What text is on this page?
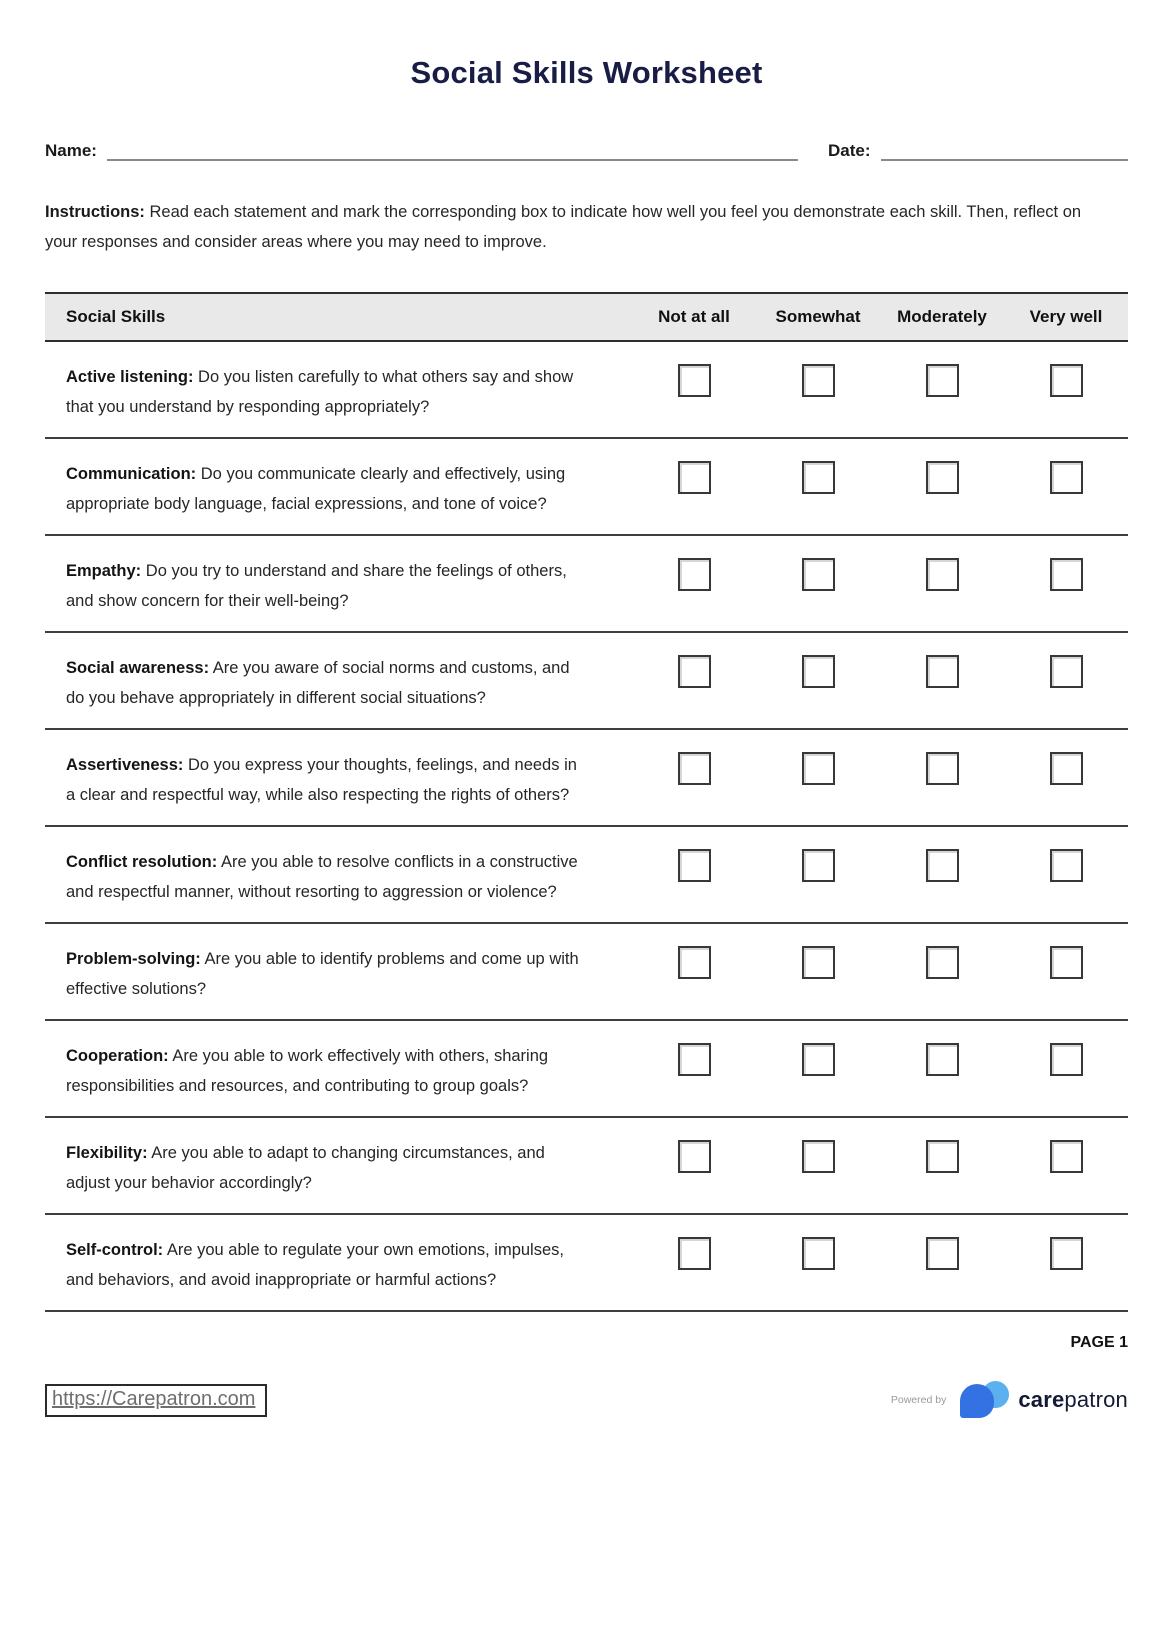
Social Skills Worksheet
Name:	Date:

Instructions: Read each statement and mark the corresponding box to indicate how well you feel you demonstrate each skill. Then, reflect on your responses and consider areas where you may need to improve.

Social Skills	Not at all	Somewhat	Moderately	Very well

Active listening: Do you listen carefully to what others say and show that you understand by responding appropriately?

Communication: Do you communicate clearly and effectively, using appropriate body language, facial expressions, and tone of voice?

Empathy: Do you try to understand and share the feelings of others, and show concern for their well-being?

Social awareness: Are you aware of social norms and customs, and do you behave appropriately in different social situations?

Assertiveness: Do you express your thoughts, feelings, and needs in a clear and respectful way, while also respecting the rights of others?

Conflict resolution: Are you able to resolve conflicts in a constructive and respectful manner, without resorting to aggression or violence?

Problem-solving: Are you able to identify problems and come up with effective solutions?

Cooperation: Are you able to work effectively with others, sharing responsibilities and resources, and contributing to group goals?

Flexibility: Are you able to adapt to changing circumstances, and adjust your behavior accordingly?

Self-control: Are you able to regulate your own emotions, impulses, and behaviors, and avoid inappropriate or harmful actions?

PAGE 1
https://Carepatron.com	Powered by	carepatron
